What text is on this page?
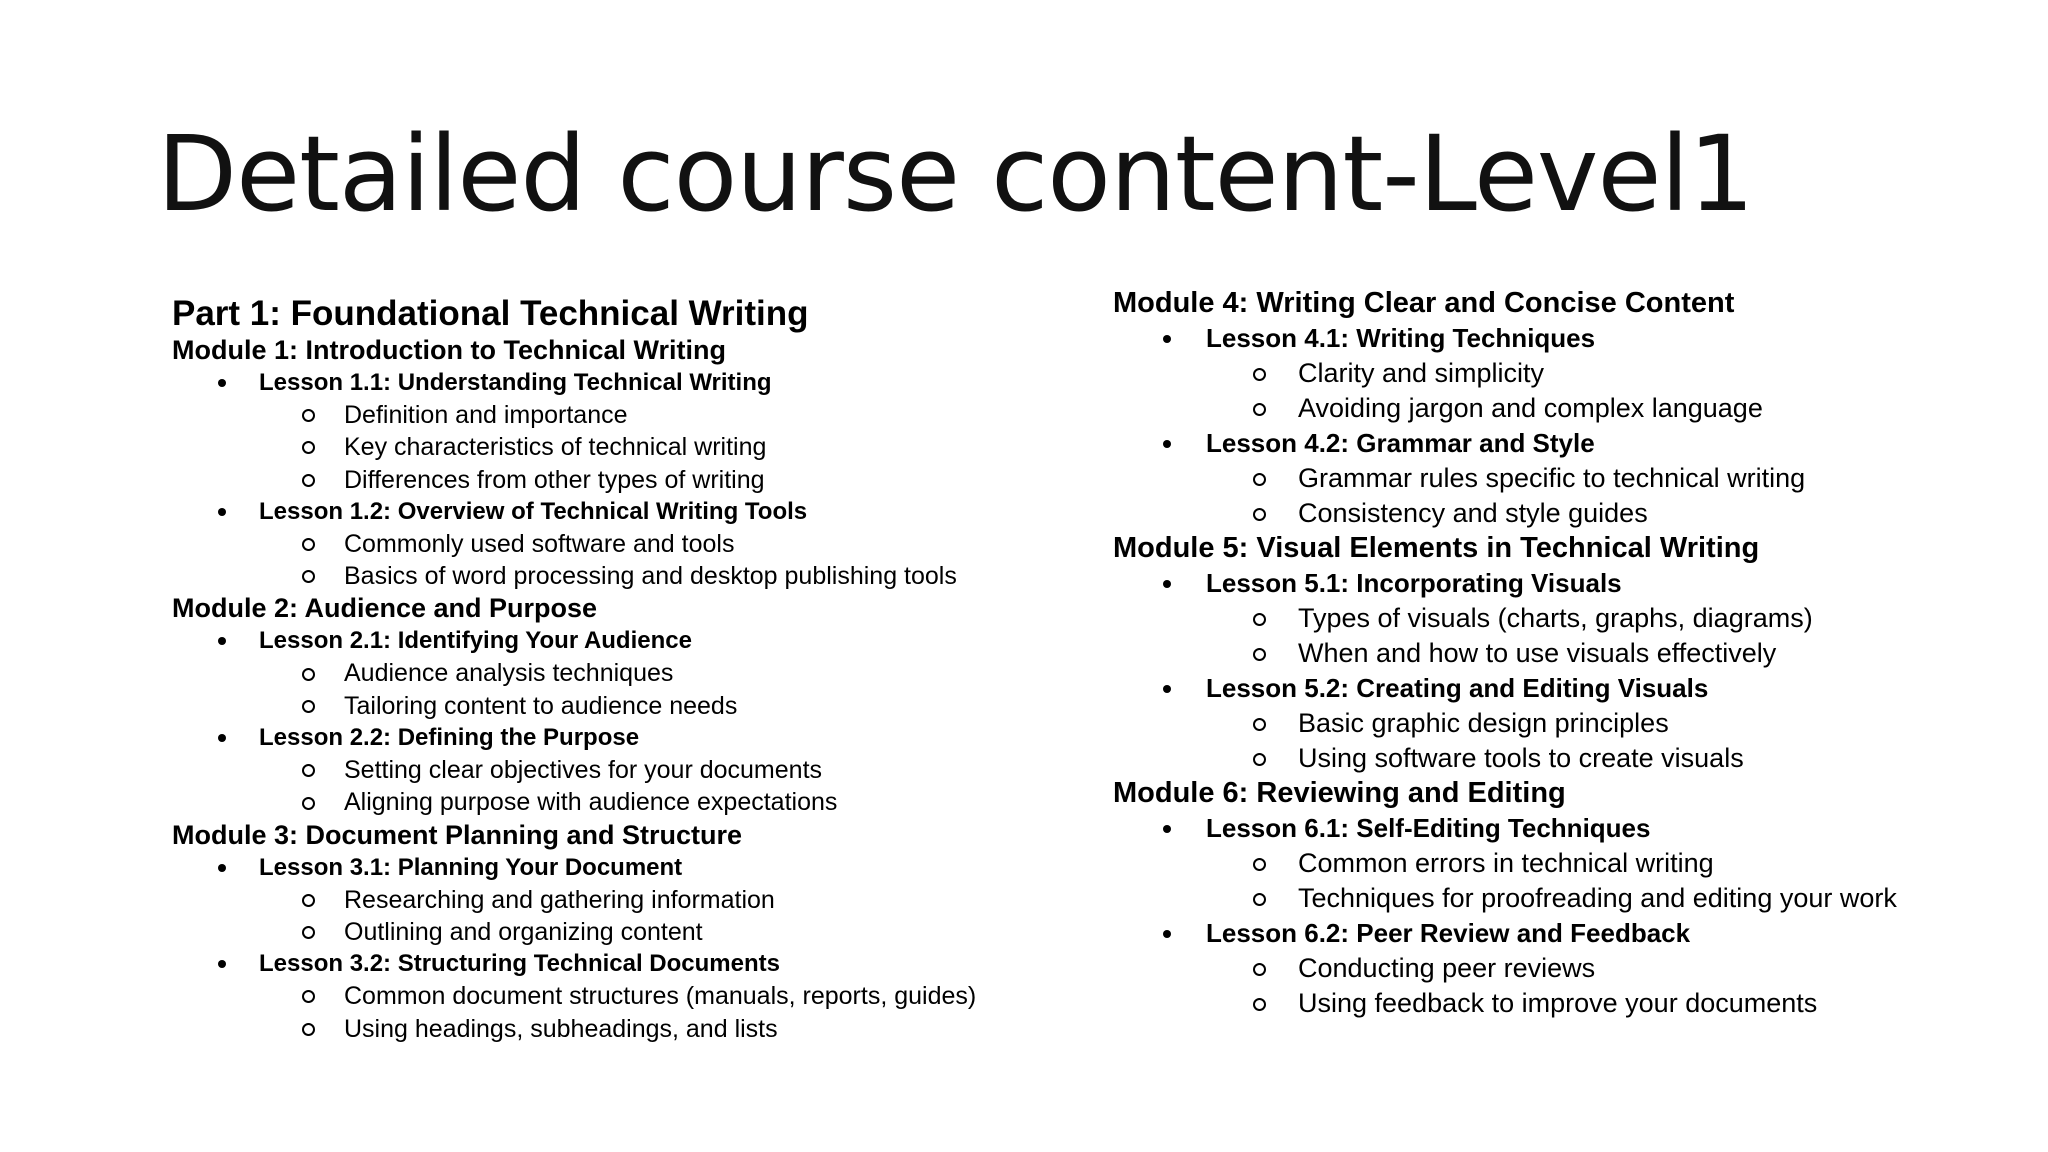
Detailed course content-Level1
Part 1: Foundational Technical Writing
Module 1: Introduction to Technical Writing
Lesson 1.1: Understanding Technical Writing
Definition and importance
Key characteristics of technical writing
Differences from other types of writing
Lesson 1.2: Overview of Technical Writing Tools
Commonly used software and tools
Basics of word processing and desktop publishing tools
Module 2: Audience and Purpose
Lesson 2.1: Identifying Your Audience
Audience analysis techniques
Tailoring content to audience needs
Lesson 2.2: Defining the Purpose
Setting clear objectives for your documents
Aligning purpose with audience expectations
Module 3: Document Planning and Structure
Lesson 3.1: Planning Your Document
Researching and gathering information
Outlining and organizing content
Lesson 3.2: Structuring Technical Documents
Common document structures (manuals, reports, guides)
Using headings, subheadings, and lists
Module 4: Writing Clear and Concise Content
Lesson 4.1: Writing Techniques
Clarity and simplicity
Avoiding jargon and complex language
Lesson 4.2: Grammar and Style
Grammar rules specific to technical writing
Consistency and style guides
Module 5: Visual Elements in Technical Writing
Lesson 5.1: Incorporating Visuals
Types of visuals (charts, graphs, diagrams)
When and how to use visuals effectively
Lesson 5.2: Creating and Editing Visuals
Basic graphic design principles
Using software tools to create visuals
Module 6: Reviewing and Editing
Lesson 6.1: Self-Editing Techniques
Common errors in technical writing
Techniques for proofreading and editing your work
Lesson 6.2: Peer Review and Feedback
Conducting peer reviews
Using feedback to improve your documents
